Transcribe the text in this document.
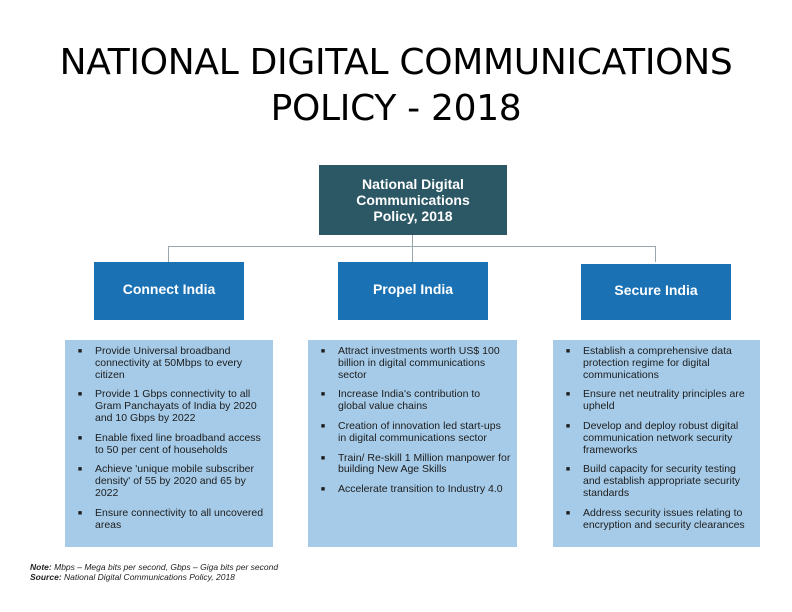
NATIONAL DIGITAL COMMUNICATIONS
POLICY - 2018
National Digital Communications Policy, 2018
Connect India
■	Provide Universal broadband connectivity at 50Mbps to every citizen
■	Provide 1 Gbps connectivity to all Gram Panchayats of India by 2020 and 10 Gbps by 2022
■	Enable fixed line broadband access to 50 per cent of households
■	Achieve 'unique mobile subscriber density' of 55 by 2020 and 65 by 2022
■	Ensure connectivity to all uncovered areas
Propel India
■	Attract investments worth US$ 100 billion in digital communications sector
■	Increase India's contribution to global value chains
■	Creation of innovation led start-ups in digital communications sector
■	Train/ Re-skill 1 Million manpower for building New Age Skills
■	Accelerate transition to Industry 4.0
Secure India
■	Establish a comprehensive data protection regime for digital communications
■	Ensure net neutrality principles are upheld
■	Develop and deploy robust digital communication network security frameworks
■	Build capacity for security testing and establish appropriate security standards
■	Address security issues relating to encryption and security clearances
Note: Mbps – Mega bits per second, Gbps – Giga bits per second
Source: National Digital Communications Policy, 2018
